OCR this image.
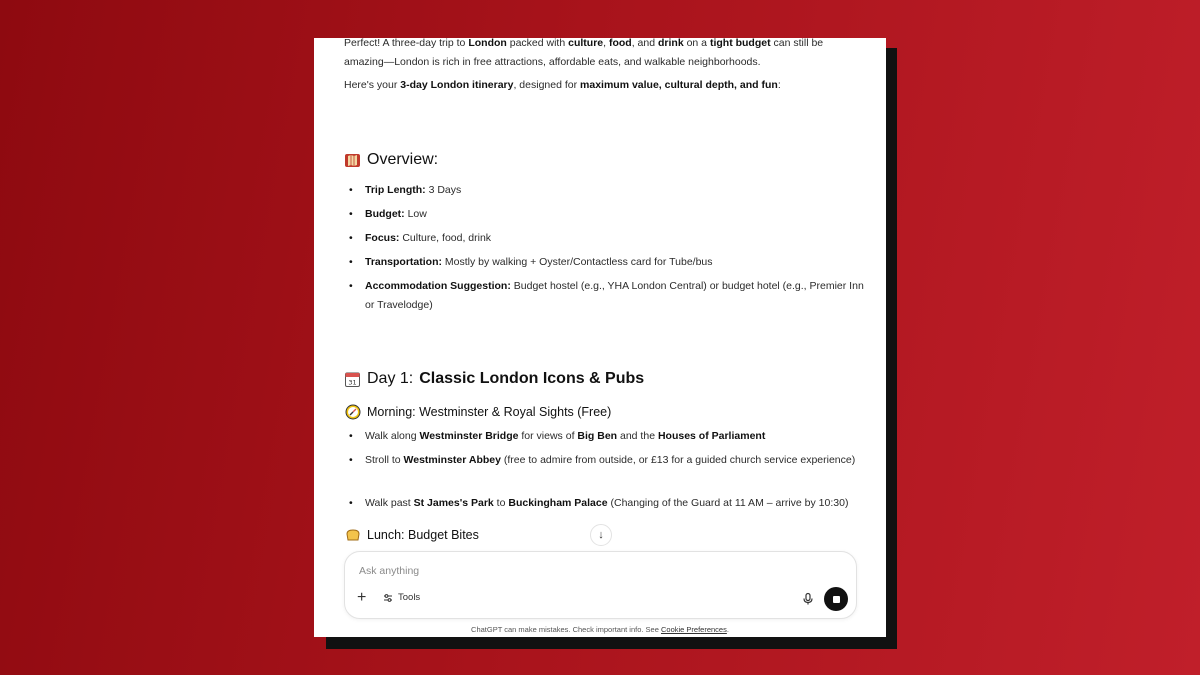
Perfect! A three-day trip to London packed with culture, food, and drink on a tight budget can still be amazing—London is rich in free attractions, affordable eats, and walkable neighborhoods.
Here's your 3-day London itinerary, designed for maximum value, cultural depth, and fun:
Overview:
• Trip Length: 3 Days
• Budget: Low
• Focus: Culture, food, drink
• Transportation: Mostly by walking + Oyster/Contactless card for Tube/bus
• Accommodation Suggestion: Budget hostel (e.g., YHA London Central) or budget hotel (e.g., Premier Inn or Travelodge)
31 Day 1: Classic London Icons & Pubs
Morning: Westminster & Royal Sights (Free)
• Walk along Westminster Bridge for views of Big Ben and the Houses of Parliament
• Stroll to Westminster Abbey (free to admire from outside, or £13 for a guided church service experience)
• Walk past St James's Park to Buckingham Palace (Changing of the Guard at 11 AM – arrive by 10:30)
Lunch: Budget Bites	↓
Ask anything
+	Tools
ChatGPT can make mistakes. Check important info. See Cookie Preferences.
